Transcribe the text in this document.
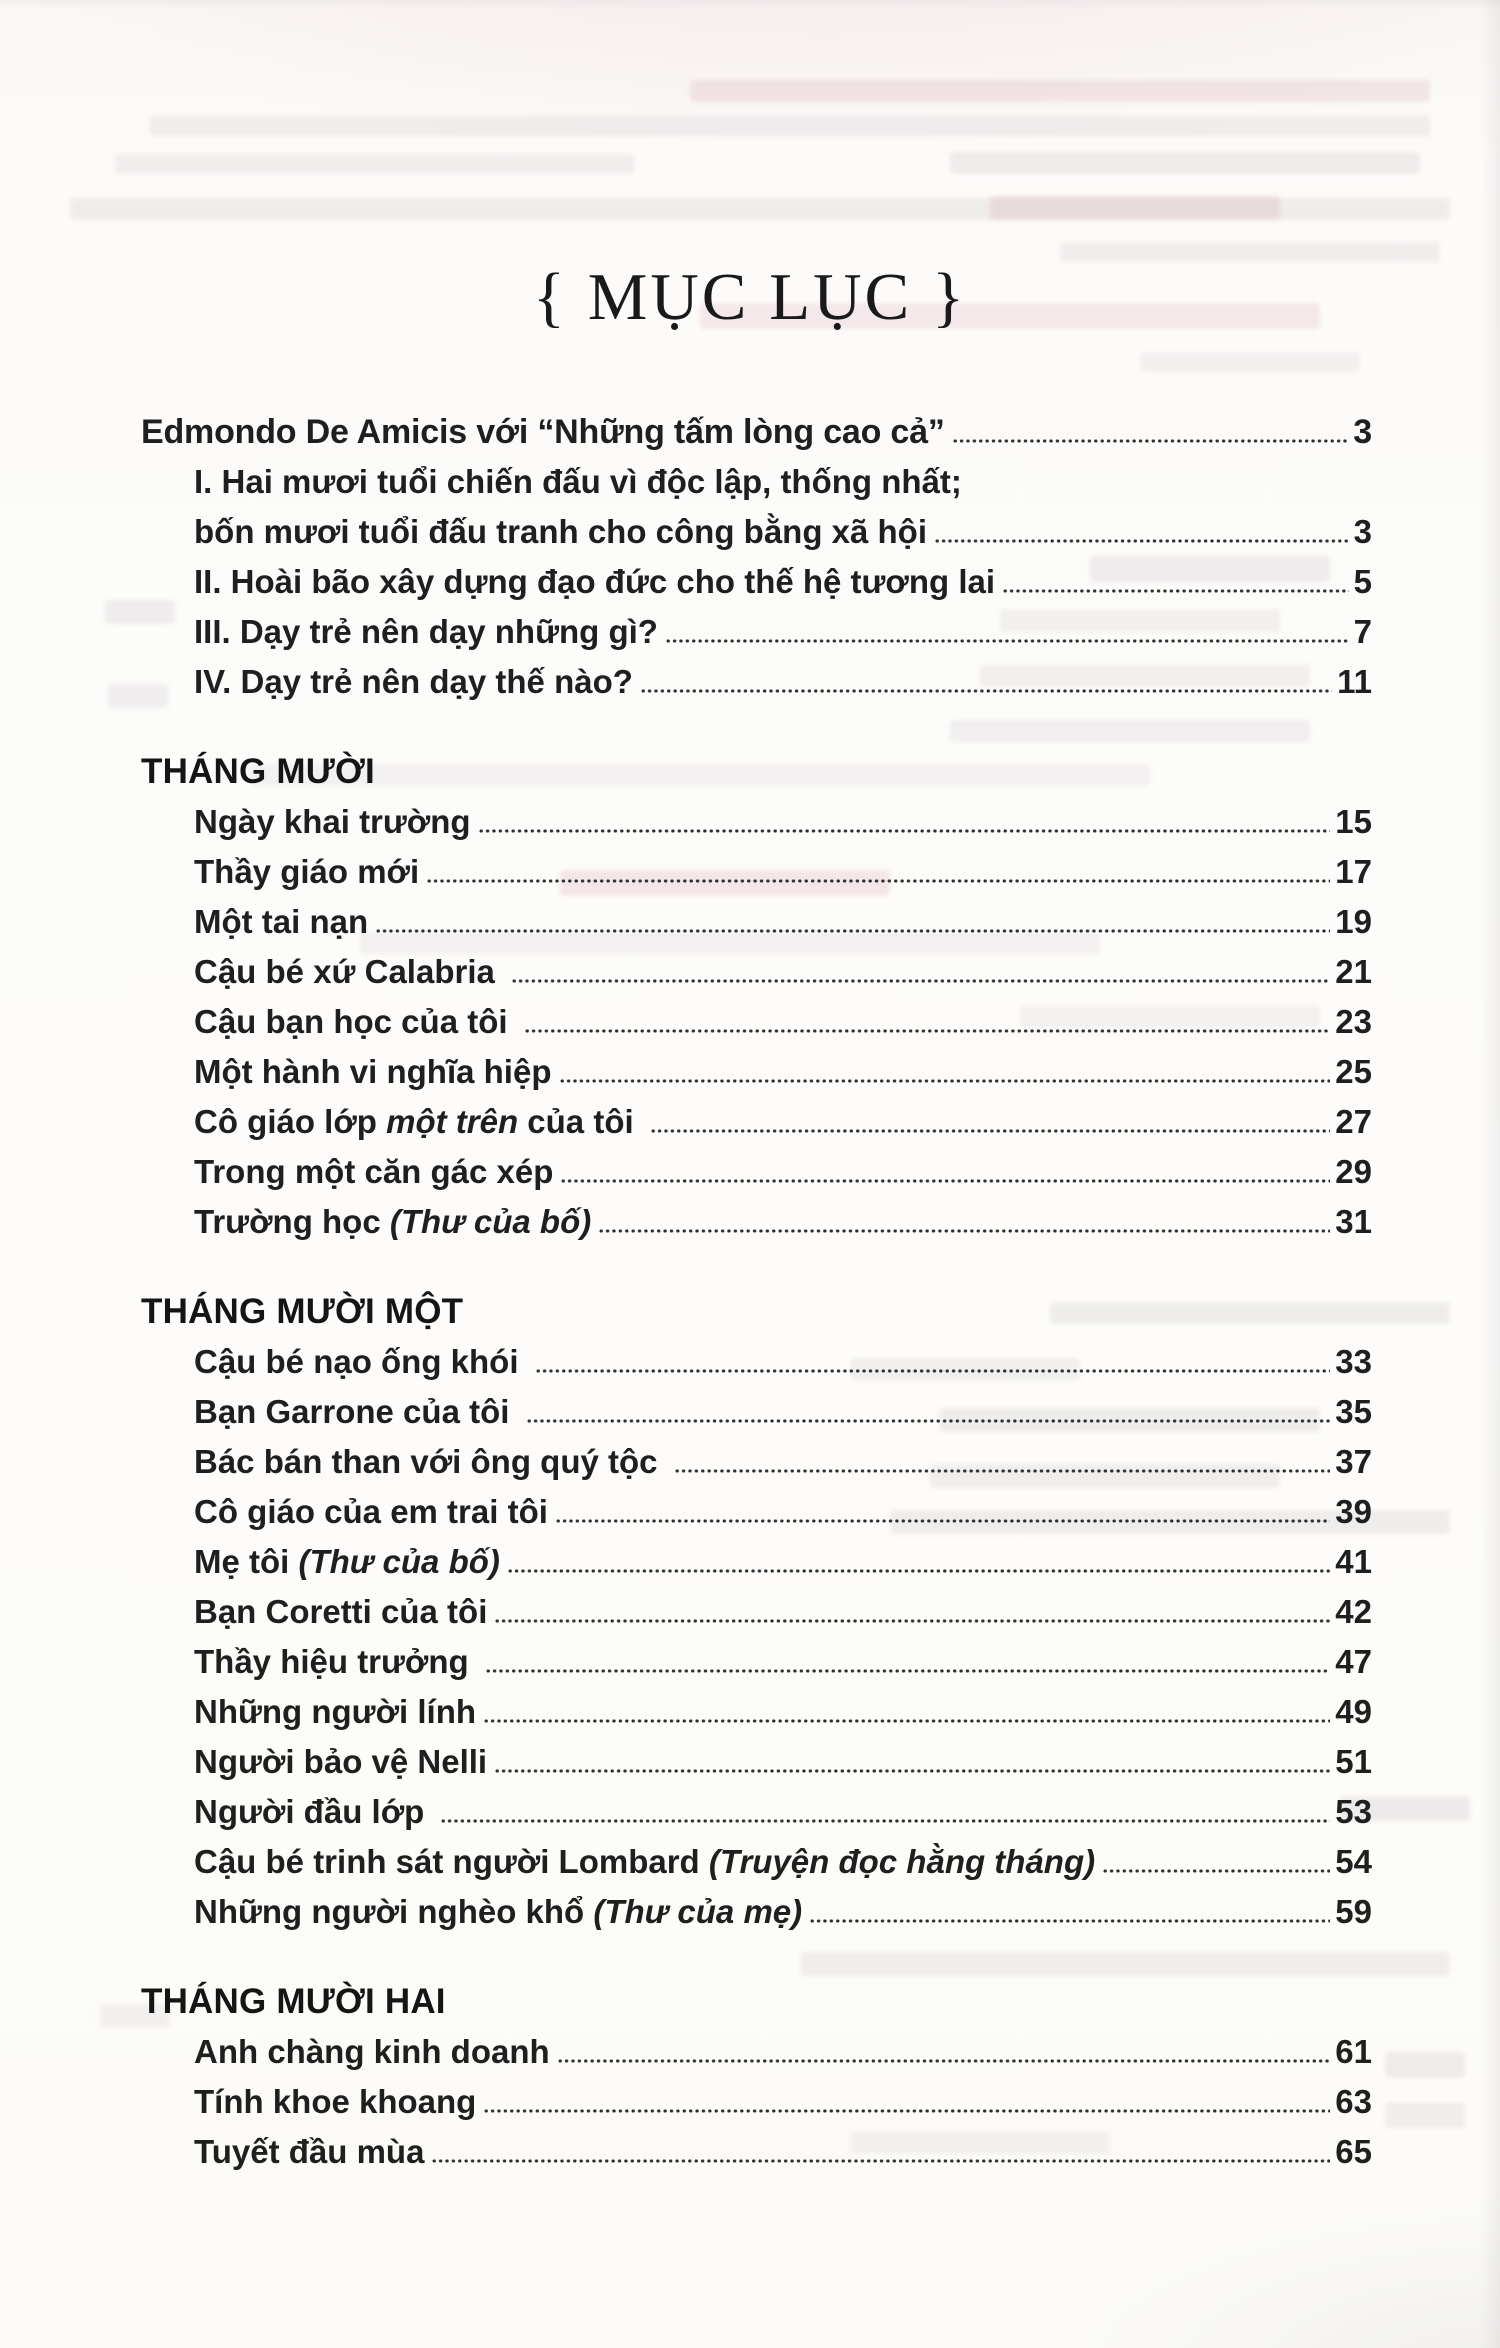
{ MỤC LỤC }
Edmondo De Amicis với “Những tấm lòng cao cả”	3
I. Hai mươi tuổi chiến đấu vì độc lập, thống nhất;
bốn mươi tuổi đấu tranh cho công bằng xã hội	3
II. Hoài bão xây dựng đạo đức cho thế hệ tương lai	5
III. Dạy trẻ nên dạy những gì?	7
IV. Dạy trẻ nên dạy thế nào?	11
THÁNG MƯỜI
Ngày khai trường	15
Thầy giáo mới	17
Một tai nạn	19
Cậu bé xứ Calabria	21
Cậu bạn học của tôi	23
Một hành vi nghĩa hiệp	25
Cô giáo lớp một trên của tôi	27
Trong một căn gác xép	29
Trường học (Thư của bố)	31
THÁNG MƯỜI MỘT
Cậu bé nạo ống khói	33
Bạn Garrone của tôi	35
Bác bán than với ông quý tộc	37
Cô giáo của em trai tôi	39
Mẹ tôi (Thư của bố)	41
Bạn Coretti của tôi	42
Thầy hiệu trưởng	47
Những người lính	49
Người bảo vệ Nelli	51
Người đầu lớp	53
Cậu bé trinh sát người Lombard (Truyện đọc hằng tháng)	54
Những người nghèo khổ (Thư của mẹ)	59
THÁNG MƯỜI HAI
Anh chàng kinh doanh	61
Tính khoe khoang	63
Tuyết đầu mùa	65
